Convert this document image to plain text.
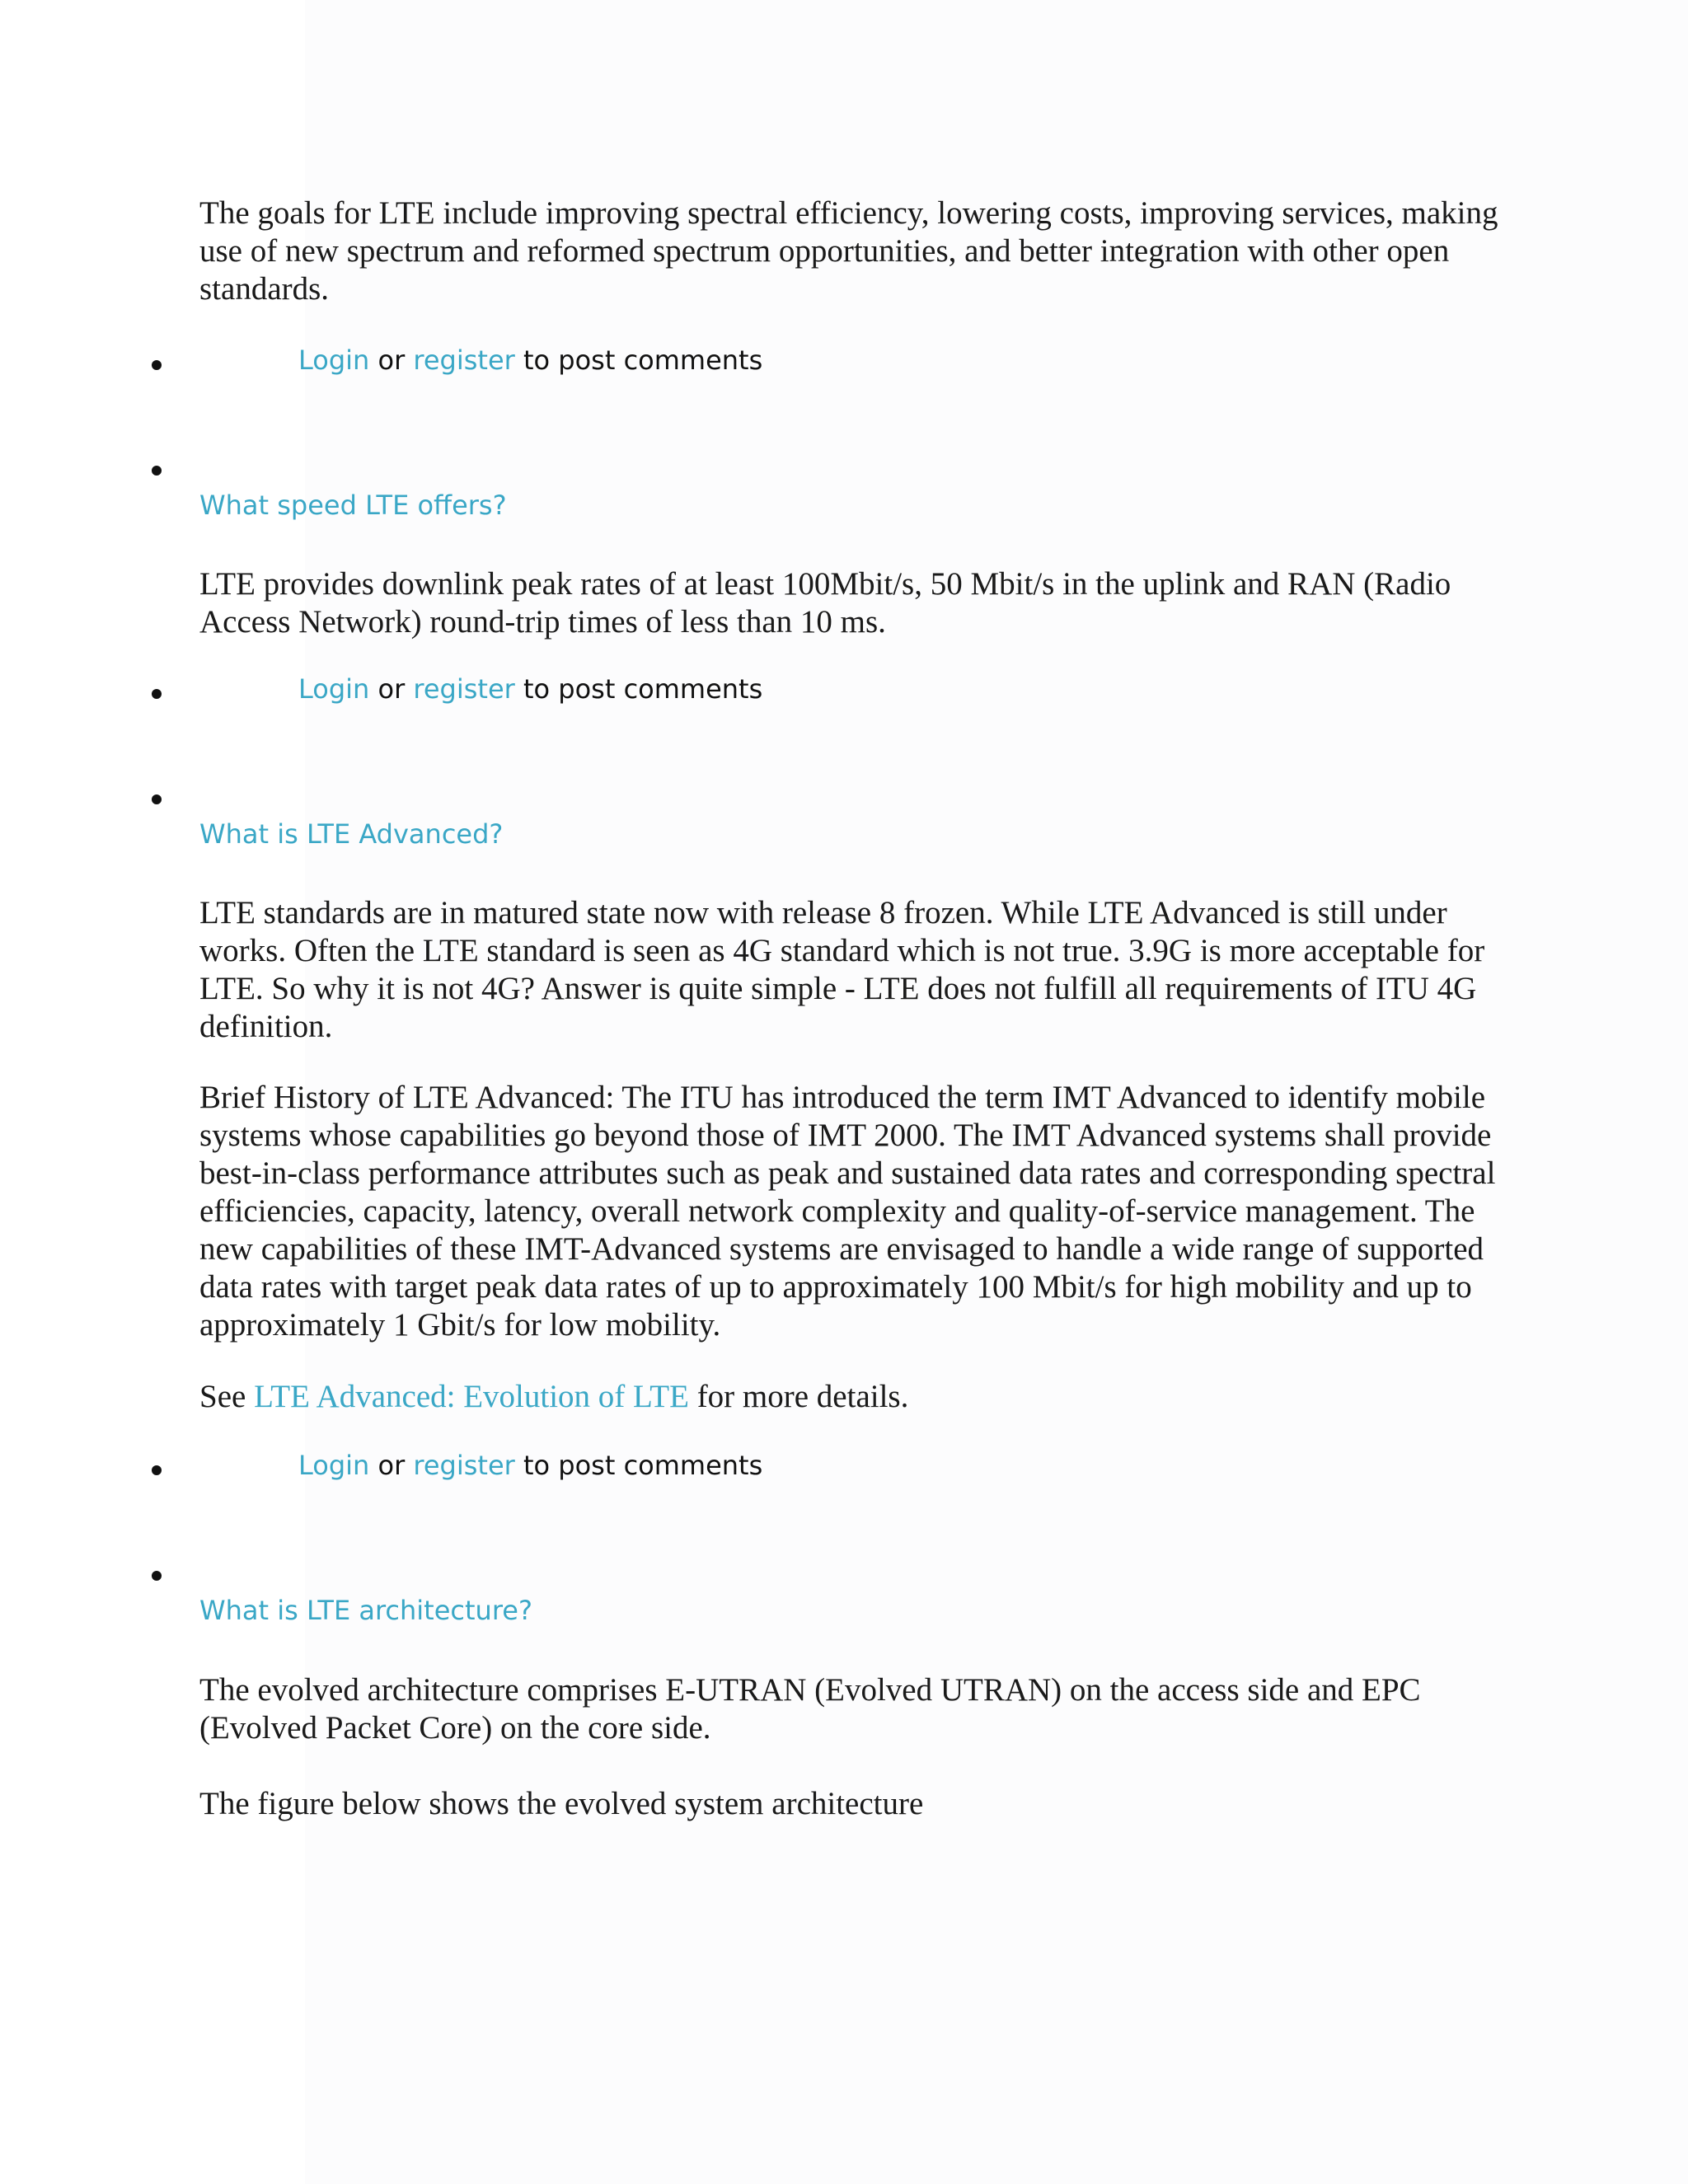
The goals for LTE include improving spectral efficiency, lowering costs, improving services, making use of new spectrum and reformed spectrum opportunities, and better integration with other open standards.

Login or register to post comments
What speed LTE offers?

LTE provides downlink peak rates of at least 100Mbit/s, 50 Mbit/s in the uplink and RAN (Radio Access Network) round-trip times of less than 10 ms.

Login or register to post comments
What is LTE Advanced?

LTE standards are in matured state now with release 8 frozen. While LTE Advanced is still under works. Often the LTE standard is seen as 4G standard which is not true. 3.9G is more acceptable for LTE. So why it is not 4G? Answer is quite simple - LTE does not fulfill all requirements of ITU 4G definition.

Brief History of LTE Advanced: The ITU has introduced the term IMT Advanced to identify mobile systems whose capabilities go beyond those of IMT 2000. The IMT Advanced systems shall provide best-in-class performance attributes such as peak and sustained data rates and corresponding spectral efficiencies, capacity, latency, overall network complexity and quality-of-service management. The new capabilities of these IMT-Advanced systems are envisaged to handle a wide range of supported data rates with target peak data rates of up to approximately 100 Mbit/s for high mobility and up to approximately 1 Gbit/s for low mobility.

See LTE Advanced: Evolution of LTE for more details.

Login or register to post comments
What is LTE architecture?

The evolved architecture comprises E-UTRAN (Evolved UTRAN) on the access side and EPC (Evolved Packet Core) on the core side.

The figure below shows the evolved system architecture
